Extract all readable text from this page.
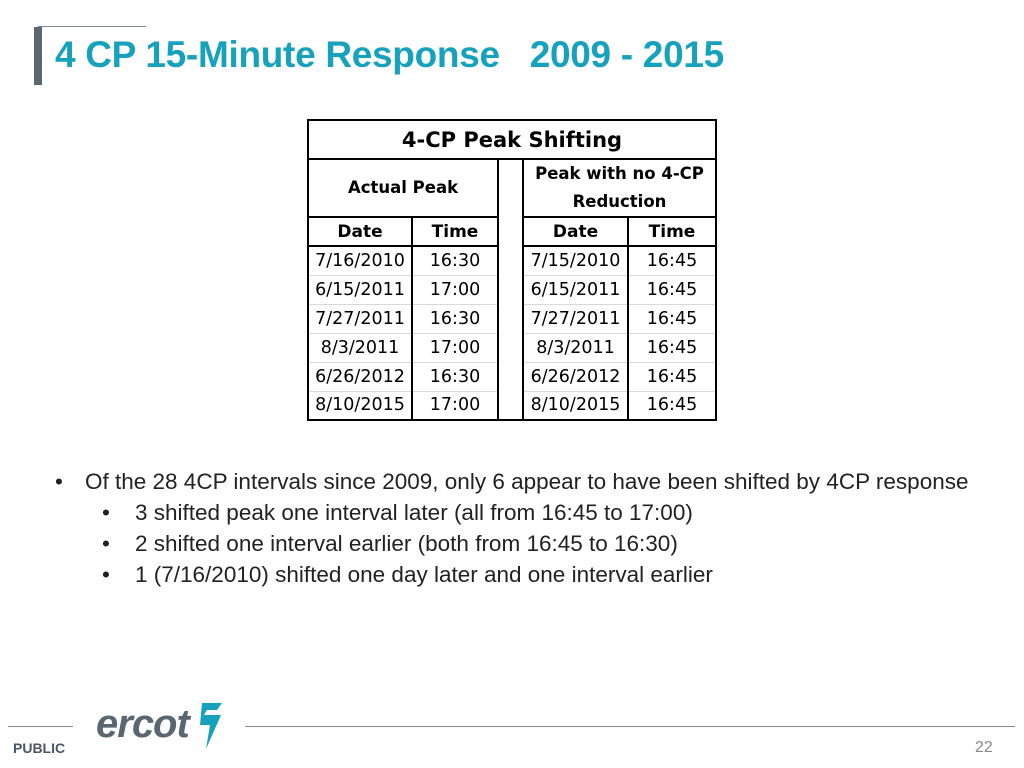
4 CP 15-Minute Response   2009 - 2015
4-CP Peak Shifting				
Actual Peak			Peak with no 4-CP
Reduction	

Date	Time		Date	Time
7/16/2010	16:30		7/15/2010	16:45
6/15/2011	17:00		6/15/2011	16:45
7/27/2011	16:30		7/27/2011	16:45
8/3/2011	17:00		8/3/2011	16:45
6/26/2012	16:30		6/26/2012	16:45
8/10/2015	17:00		8/10/2015	16:45
• Of the 28 4CP intervals since 2009, only 6 appear to have been shifted by 4CP response
• 3 shifted peak one interval later (all from 16:45 to 17:00)
• 2 shifted one interval earlier (both from 16:45 to 16:30)
• 1 (7/16/2010) shifted one day later and one interval earlier
PUBLIC
ercot
22
